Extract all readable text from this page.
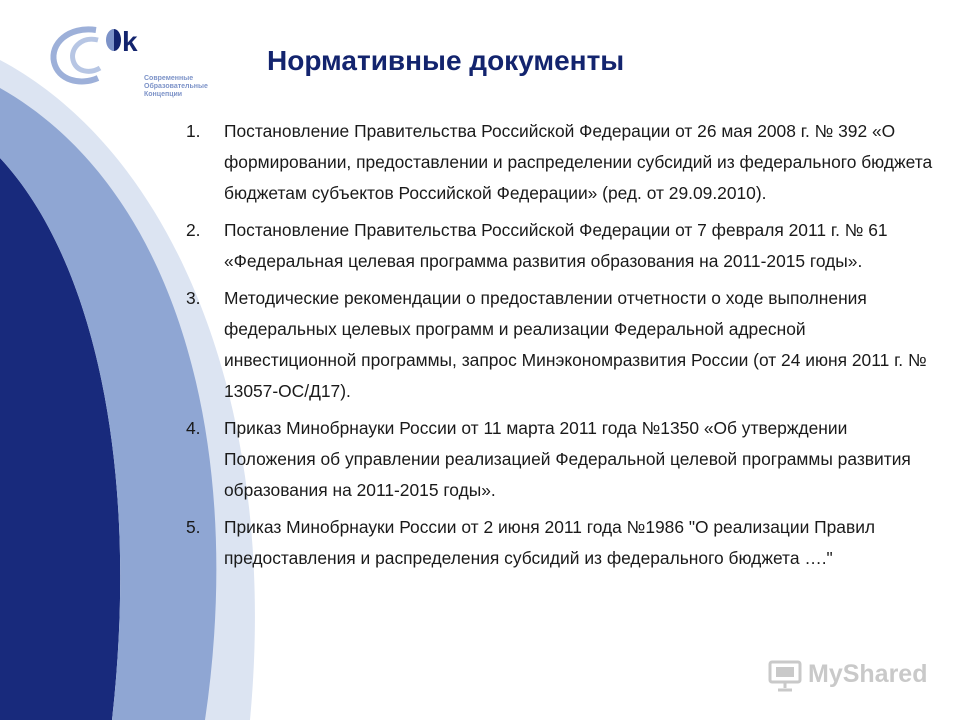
k
Современные
Образовательные
Концепции
Нормативные документы
1. Постановление Правительства Российской Федерации от 26 мая 2008 г. № 392 «О формировании, предоставлении и распределении субсидий из федерального бюджета бюджетам субъектов Российской Федерации» (ред. от 29.09.2010).
2. Постановление Правительства Российской Федерации от 7 февраля 2011 г. № 61 «Федеральная целевая программа развития образования на 2011-2015 годы».
3. Методические рекомендации о предоставлении отчетности о ходе выполнения федеральных целевых программ и реализации Федеральной адресной инвестиционной программы, запрос Минэкономразвития России (от 24 июня 2011 г. № 13057-ОС/Д17).
4. Приказ Минобрнауки России от 11 марта 2011 года №1350 «Об утверждении Положения об управлении реализацией Федеральной целевой программы развития образования на 2011-2015 годы».
5. Приказ Минобрнауки России от 2 июня 2011 года №1986 "О реализации Правил предоставления и распределения субсидий из федерального бюджета …."
MyShared
